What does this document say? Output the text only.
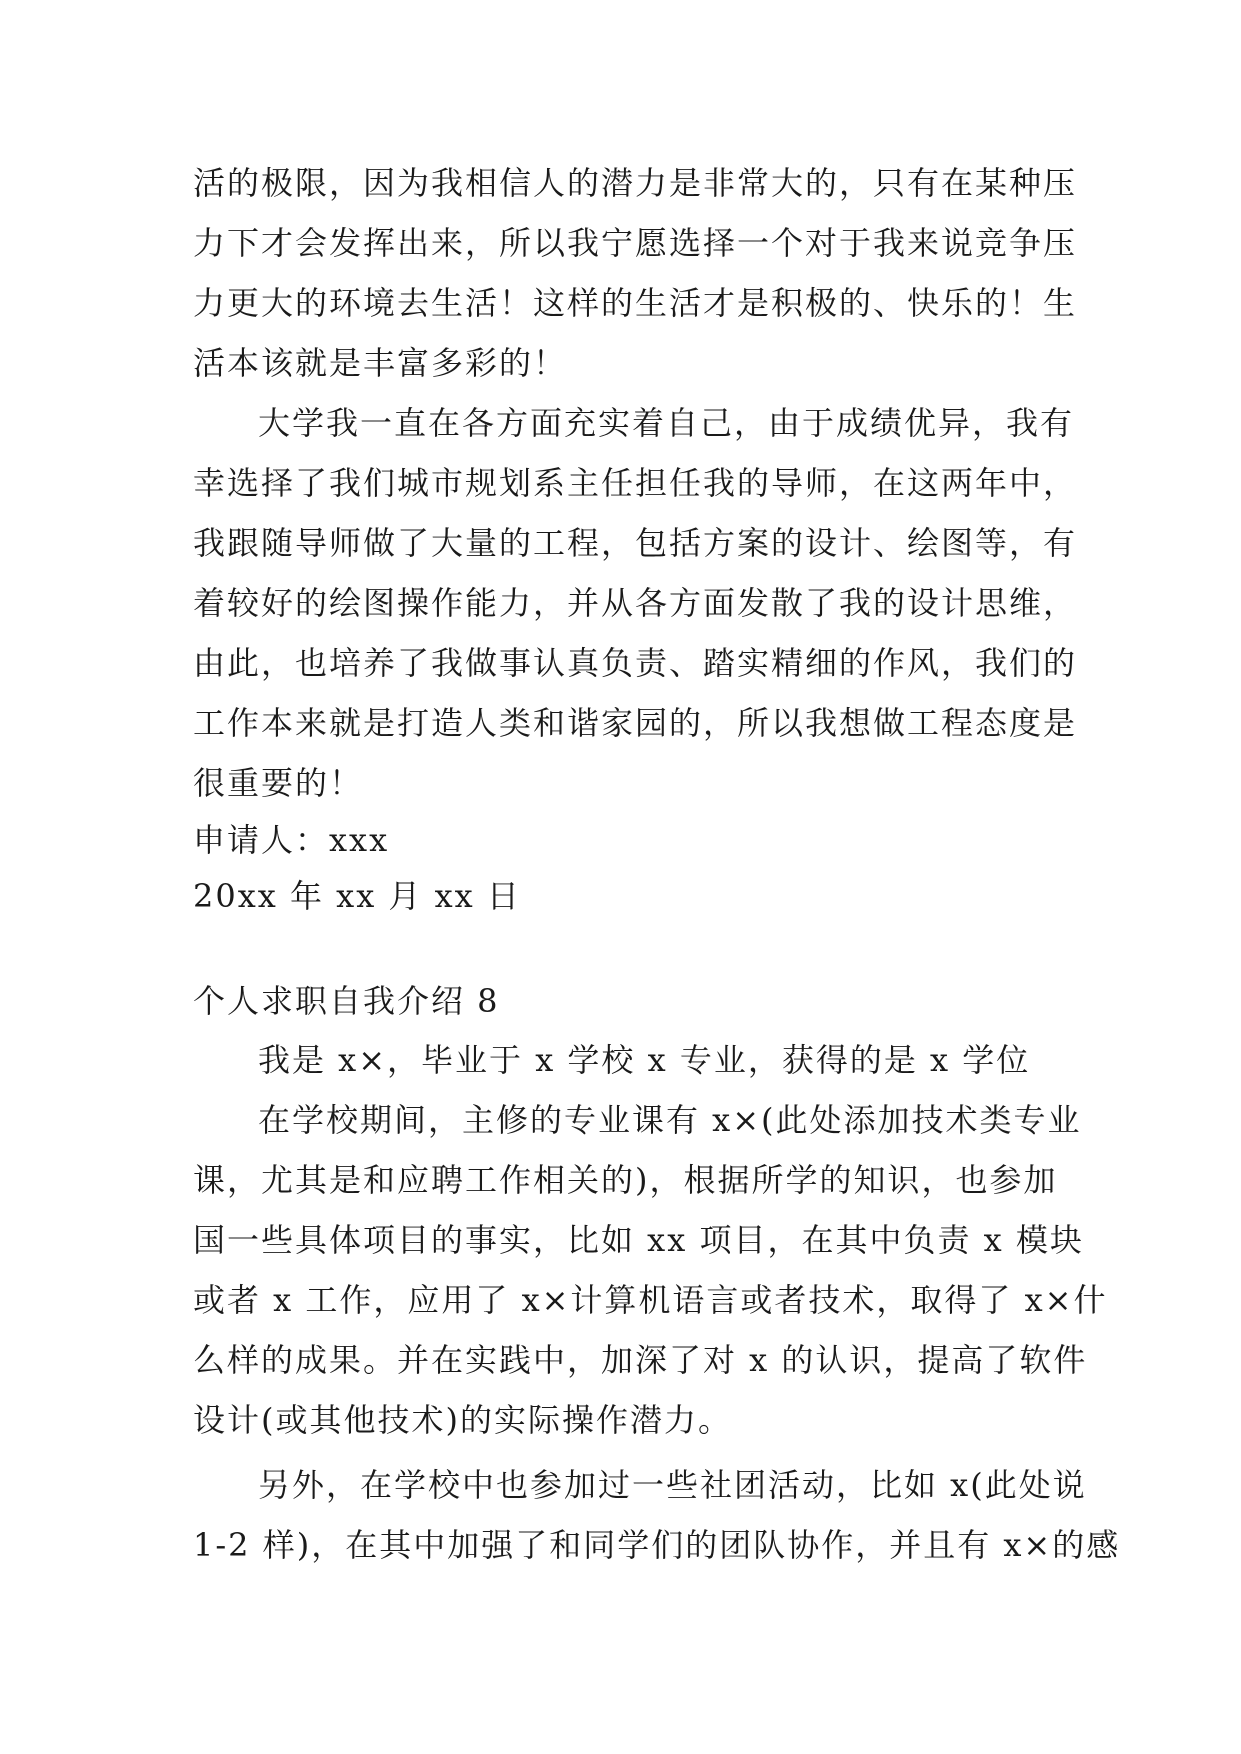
活的极限，因为我相信人的潜力是非常大的，只有在某种压
力下才会发挥出来，所以我宁愿选择一个对于我来说竞争压
力更大的环境去生活！这样的生活才是积极的、快乐的！生
活本该就是丰富多彩的！
大学我一直在各方面充实着自己，由于成绩优异，我有
幸选择了我们城市规划系主任担任我的导师，在这两年中，
我跟随导师做了大量的工程，包括方案的设计、绘图等，有
着较好的绘图操作能力，并从各方面发散了我的设计思维，
由此，也培养了我做事认真负责、踏实精细的作风，我们的
工作本来就是打造人类和谐家园的，所以我想做工程态度是
很重要的！
申请人：xxx
20xx 年 xx 月 xx 日
个人求职自我介绍 8
我是 x×，毕业于 x 学校 x 专业，获得的是 x 学位
在学校期间，主修的专业课有 x×(此处添加技术类专业
课，尤其是和应聘工作相关的)，根据所学的知识，也参加
国一些具体项目的事实，比如 xx 项目，在其中负责 x 模块
或者 x 工作，应用了 x×计算机语言或者技术，取得了 x×什
么样的成果。并在实践中，加深了对 x 的认识，提高了软件
设计(或其他技术)的实际操作潜力。
另外，在学校中也参加过一些社团活动，比如 x(此处说
1-2 样)，在其中加强了和同学们的团队协作，并且有 x×的感
